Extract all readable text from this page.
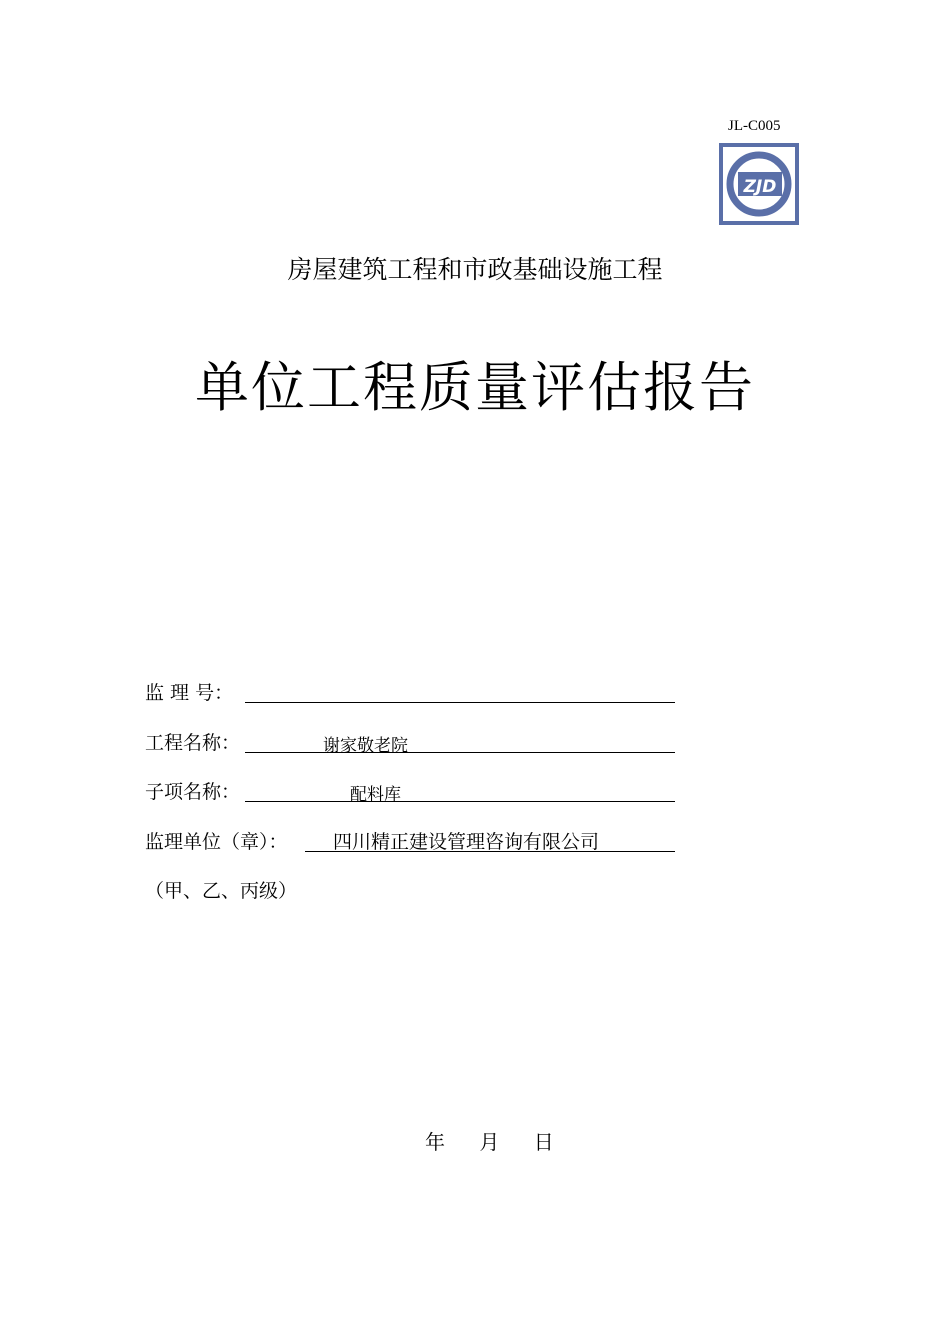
JL-C005
ZJD
房屋建筑工程和市政基础设施工程
单位工程质量评估报告
监 理 号：
工程名称：	谢家敬老院
子项名称：	配料库
监理单位（章）： 四川精正建设管理咨询有限公司
（甲、乙、丙级）
年 月 日
